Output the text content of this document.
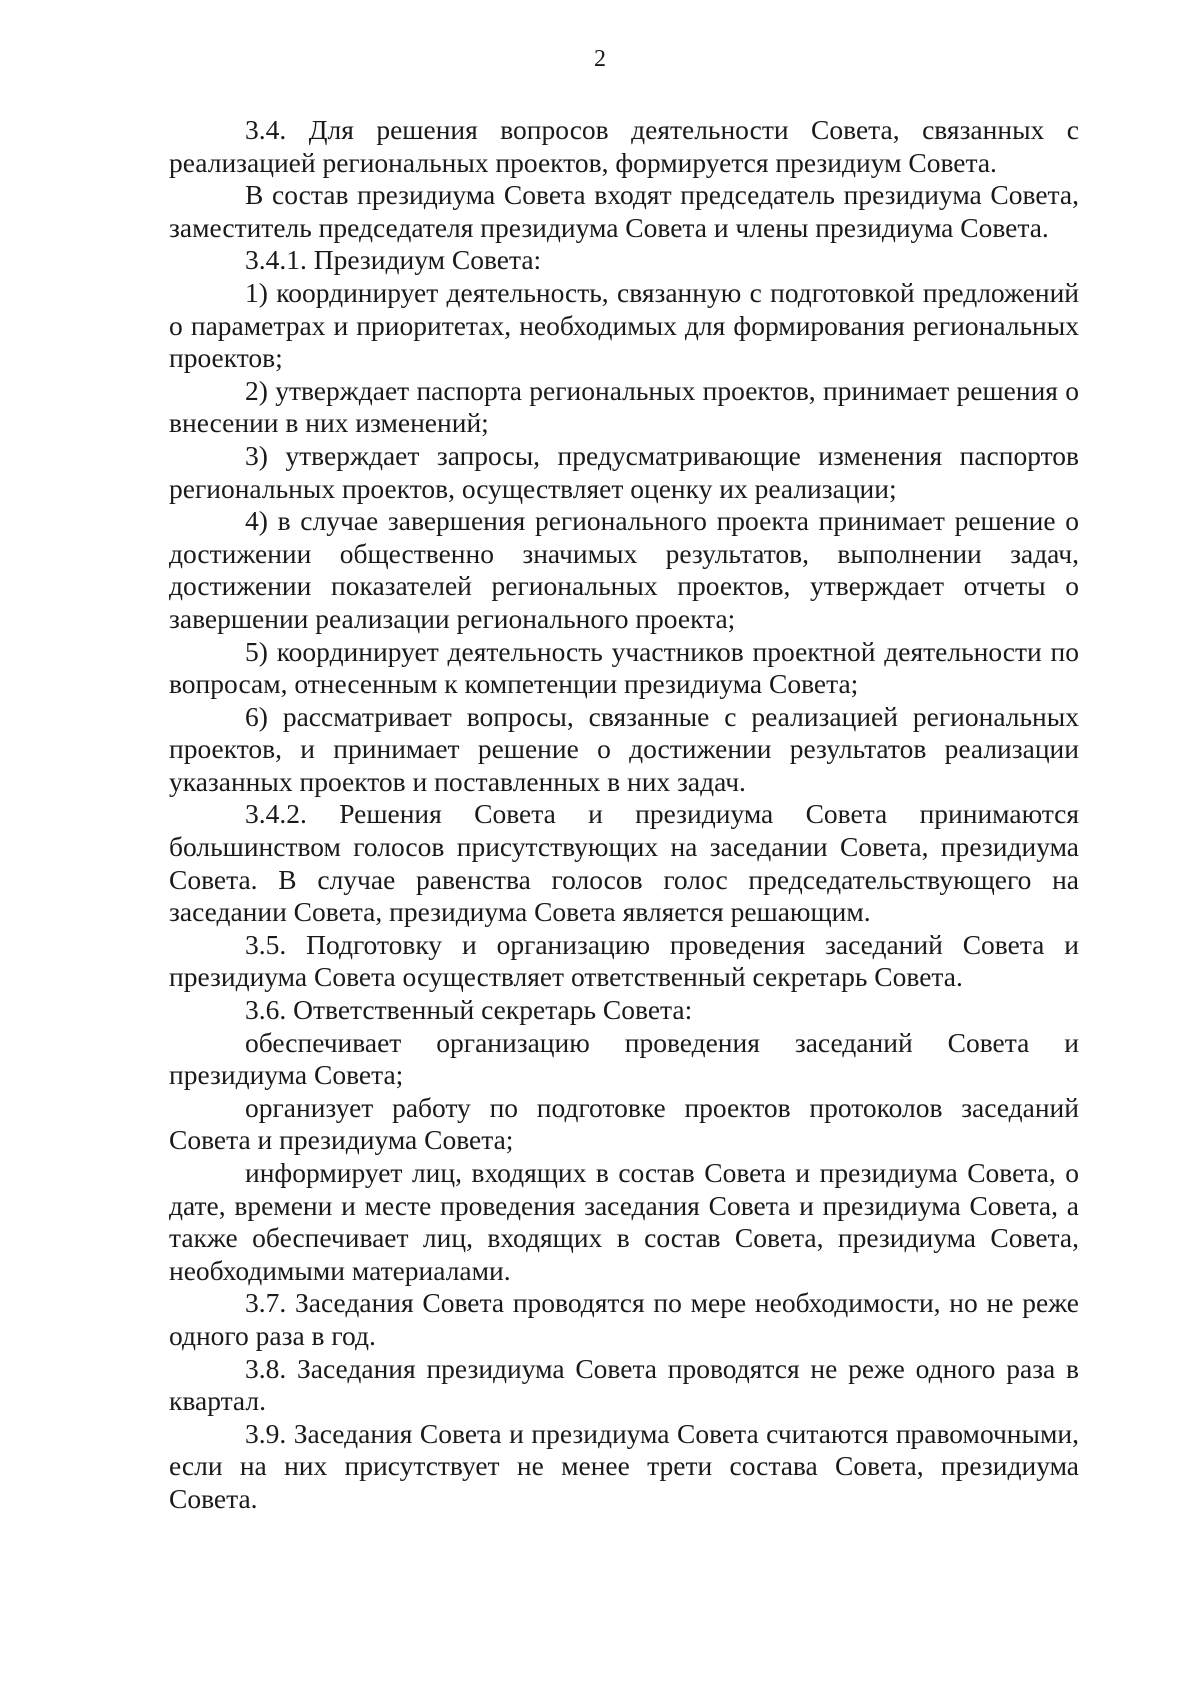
2

3.4. Для решения вопросов деятельности Совета, связанных с реализацией региональных проектов, формируется президиум Совета.

В состав президиума Совета входят председатель президиума Совета, заместитель председателя президиума Совета и члены президиума Совета.

3.4.1. Президиум Совета:

1) координирует деятельность, связанную с подготовкой предложений о параметрах и приоритетах, необходимых для формирования региональных проектов;

2) утверждает паспорта региональных проектов, принимает решения о внесении в них изменений;

3) утверждает запросы, предусматривающие изменения паспортов региональных проектов, осуществляет оценку их реализации;

4) в случае завершения регионального проекта принимает решение о достижении общественно значимых результатов, выполнении задач, достижении показателей региональных проектов, утверждает отчеты о завершении реализации регионального проекта;

5) координирует деятельность участников проектной деятельности по вопросам, отнесенным к компетенции президиума Совета;

6) рассматривает вопросы, связанные с реализацией региональных проектов, и принимает решение о достижении результатов реализации указанных проектов и поставленных в них задач.

3.4.2. Решения Совета и президиума Совета принимаются большинством голосов присутствующих на заседании Совета, президиума Совета. В случае равенства голосов голос председательствующего на заседании Совета, президиума Совета является решающим.

3.5. Подготовку и организацию проведения заседаний Совета и президиума Совета осуществляет ответственный секретарь Совета.

3.6. Ответственный секретарь Совета:

обеспечивает организацию проведения заседаний Совета и президиума Совета;

организует работу по подготовке проектов протоколов заседаний Совета и президиума Совета;

информирует лиц, входящих в состав Совета и президиума Совета, о дате, времени и месте проведения заседания Совета и президиума Совета, а также обеспечивает лиц, входящих в состав Совета, президиума Совета, необходимыми материалами.

3.7. Заседания Совета проводятся по мере необходимости, но не реже одного раза в год.

3.8. Заседания президиума Совета проводятся не реже одного раза в квартал.

3.9. Заседания Совета и президиума Совета считаются правомочными, если на них присутствует не менее трети состава Совета, президиума Совета.
